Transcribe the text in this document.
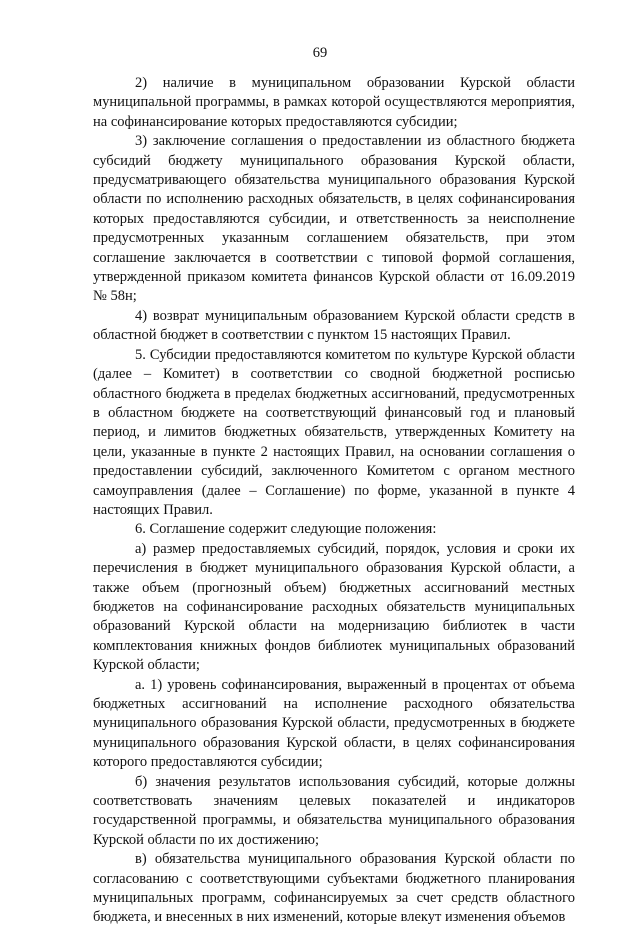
69

2) наличие в муниципальном образовании Курской области муниципальной программы, в рамках которой осуществляются мероприятия, на софинансирование которых предоставляются субсидии;

3) заключение соглашения о предоставлении из областного бюджета субсидий бюджету муниципального образования Курской области, предусматривающего обязательства муниципального образования Курской области по исполнению расходных обязательств, в целях софинансирования которых предоставляются субсидии, и ответственность за неисполнение предусмотренных указанным соглашением обязательств, при этом соглашение заключается в соответствии с типовой формой соглашения, утвержденной приказом комитета финансов Курской области от 16.09.2019 № 58н;

4) возврат муниципальным образованием Курской области средств в областной бюджет в соответствии с пунктом 15 настоящих Правил.

5. Субсидии предоставляются комитетом по культуре Курской области (далее – Комитет) в соответствии со сводной бюджетной росписью областного бюджета в пределах бюджетных ассигнований, предусмотренных в областном бюджете на соответствующий финансовый год и плановый период, и лимитов бюджетных обязательств, утвержденных Комитету на цели, указанные в пункте 2 настоящих Правил, на основании соглашения о предоставлении субсидий, заключенного Комитетом с органом местного самоуправления (далее – Соглашение) по форме, указанной в пункте 4 настоящих Правил.

6. Соглашение содержит следующие положения:

а) размер предоставляемых субсидий, порядок, условия и сроки их перечисления в бюджет муниципального образования Курской области, а также объем (прогнозный объем) бюджетных ассигнований местных бюджетов на софинансирование расходных обязательств муниципальных образований Курской области на модернизацию библиотек в части комплектования книжных фондов библиотек муниципальных образований Курской области;

а. 1) уровень софинансирования, выраженный в процентах от объема бюджетных ассигнований на исполнение расходного обязательства муниципального образования Курской области, предусмотренных в бюджете муниципального образования Курской области, в целях софинансирования которого предоставляются субсидии;

б) значения результатов использования субсидий, которые должны соответствовать значениям целевых показателей и индикаторов государственной программы, и обязательства муниципального образования Курской области по их достижению;

в) обязательства муниципального образования Курской области по согласованию с соответствующими субъектами бюджетного планирования муниципальных программ, софинансируемых за счет средств областного бюджета, и внесенных в них изменений, которые влекут изменения объемов
